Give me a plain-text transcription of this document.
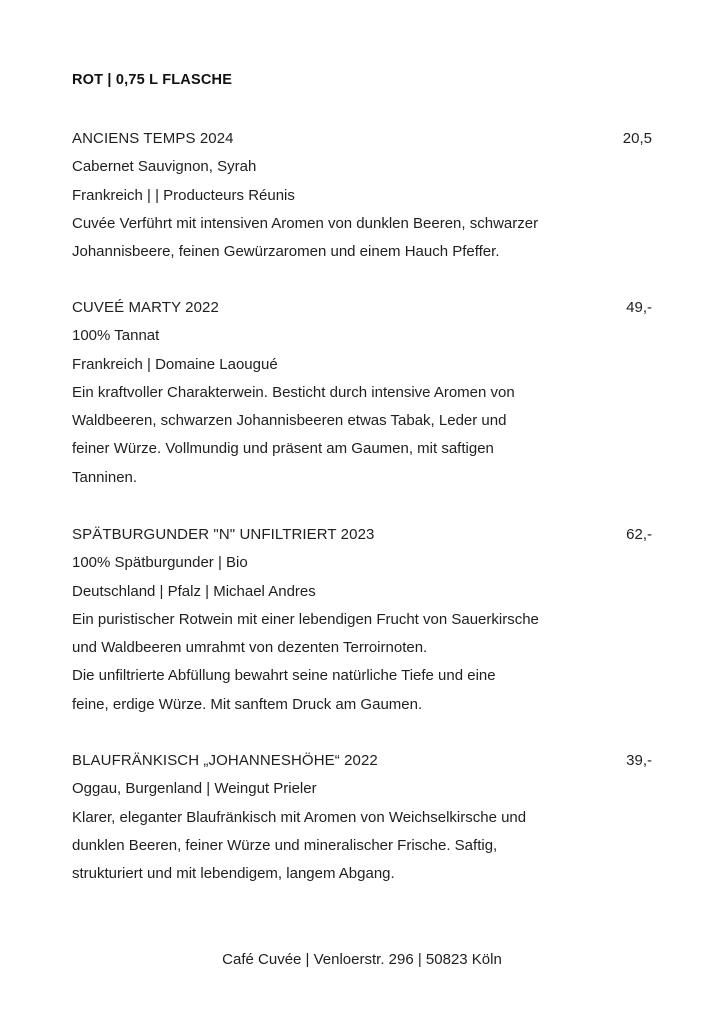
ROT | 0,75 L FLASCHE
ANCIENS TEMPS 2024	20,5
Cabernet Sauvignon, Syrah
Frankreich | | Producteurs Réunis
Cuvée Verführt mit intensiven Aromen von dunklen Beeren, schwarzer
Johannisbeere, feinen Gewürzaromen und einem Hauch Pfeffer.
CUVEÉ MARTY 2022	49,-
100% Tannat
Frankreich | Domaine Laougué
Ein kraftvoller Charakterwein. Besticht durch intensive Aromen von
Waldbeeren, schwarzen Johannisbeeren etwas Tabak, Leder und
feiner Würze. Vollmundig und präsent am Gaumen, mit saftigen
Tanninen.
SPÄTBURGUNDER "N" UNFILTRIERT 2023	62,-
100% Spätburgunder | Bio
Deutschland | Pfalz | Michael Andres
Ein puristischer Rotwein mit einer lebendigen Frucht von Sauerkirsche
und Waldbeeren umrahmt von dezenten Terroirnoten.
Die unfiltrierte Abfüllung bewahrt seine natürliche Tiefe und eine
feine, erdige Würze. Mit sanftem Druck am Gaumen.
BLAUFRÄNKISCH „JOHANNESHÖHE“ 2022	39,-
Oggau, Burgenland | Weingut Prieler
Klarer, eleganter Blaufränkisch mit Aromen von Weichselkirsche und
dunklen Beeren, feiner Würze und mineralischer Frische. Saftig,
strukturiert und mit lebendigem, langem Abgang.
Café Cuvée | Venloerstr. 296 | 50823 Köln
